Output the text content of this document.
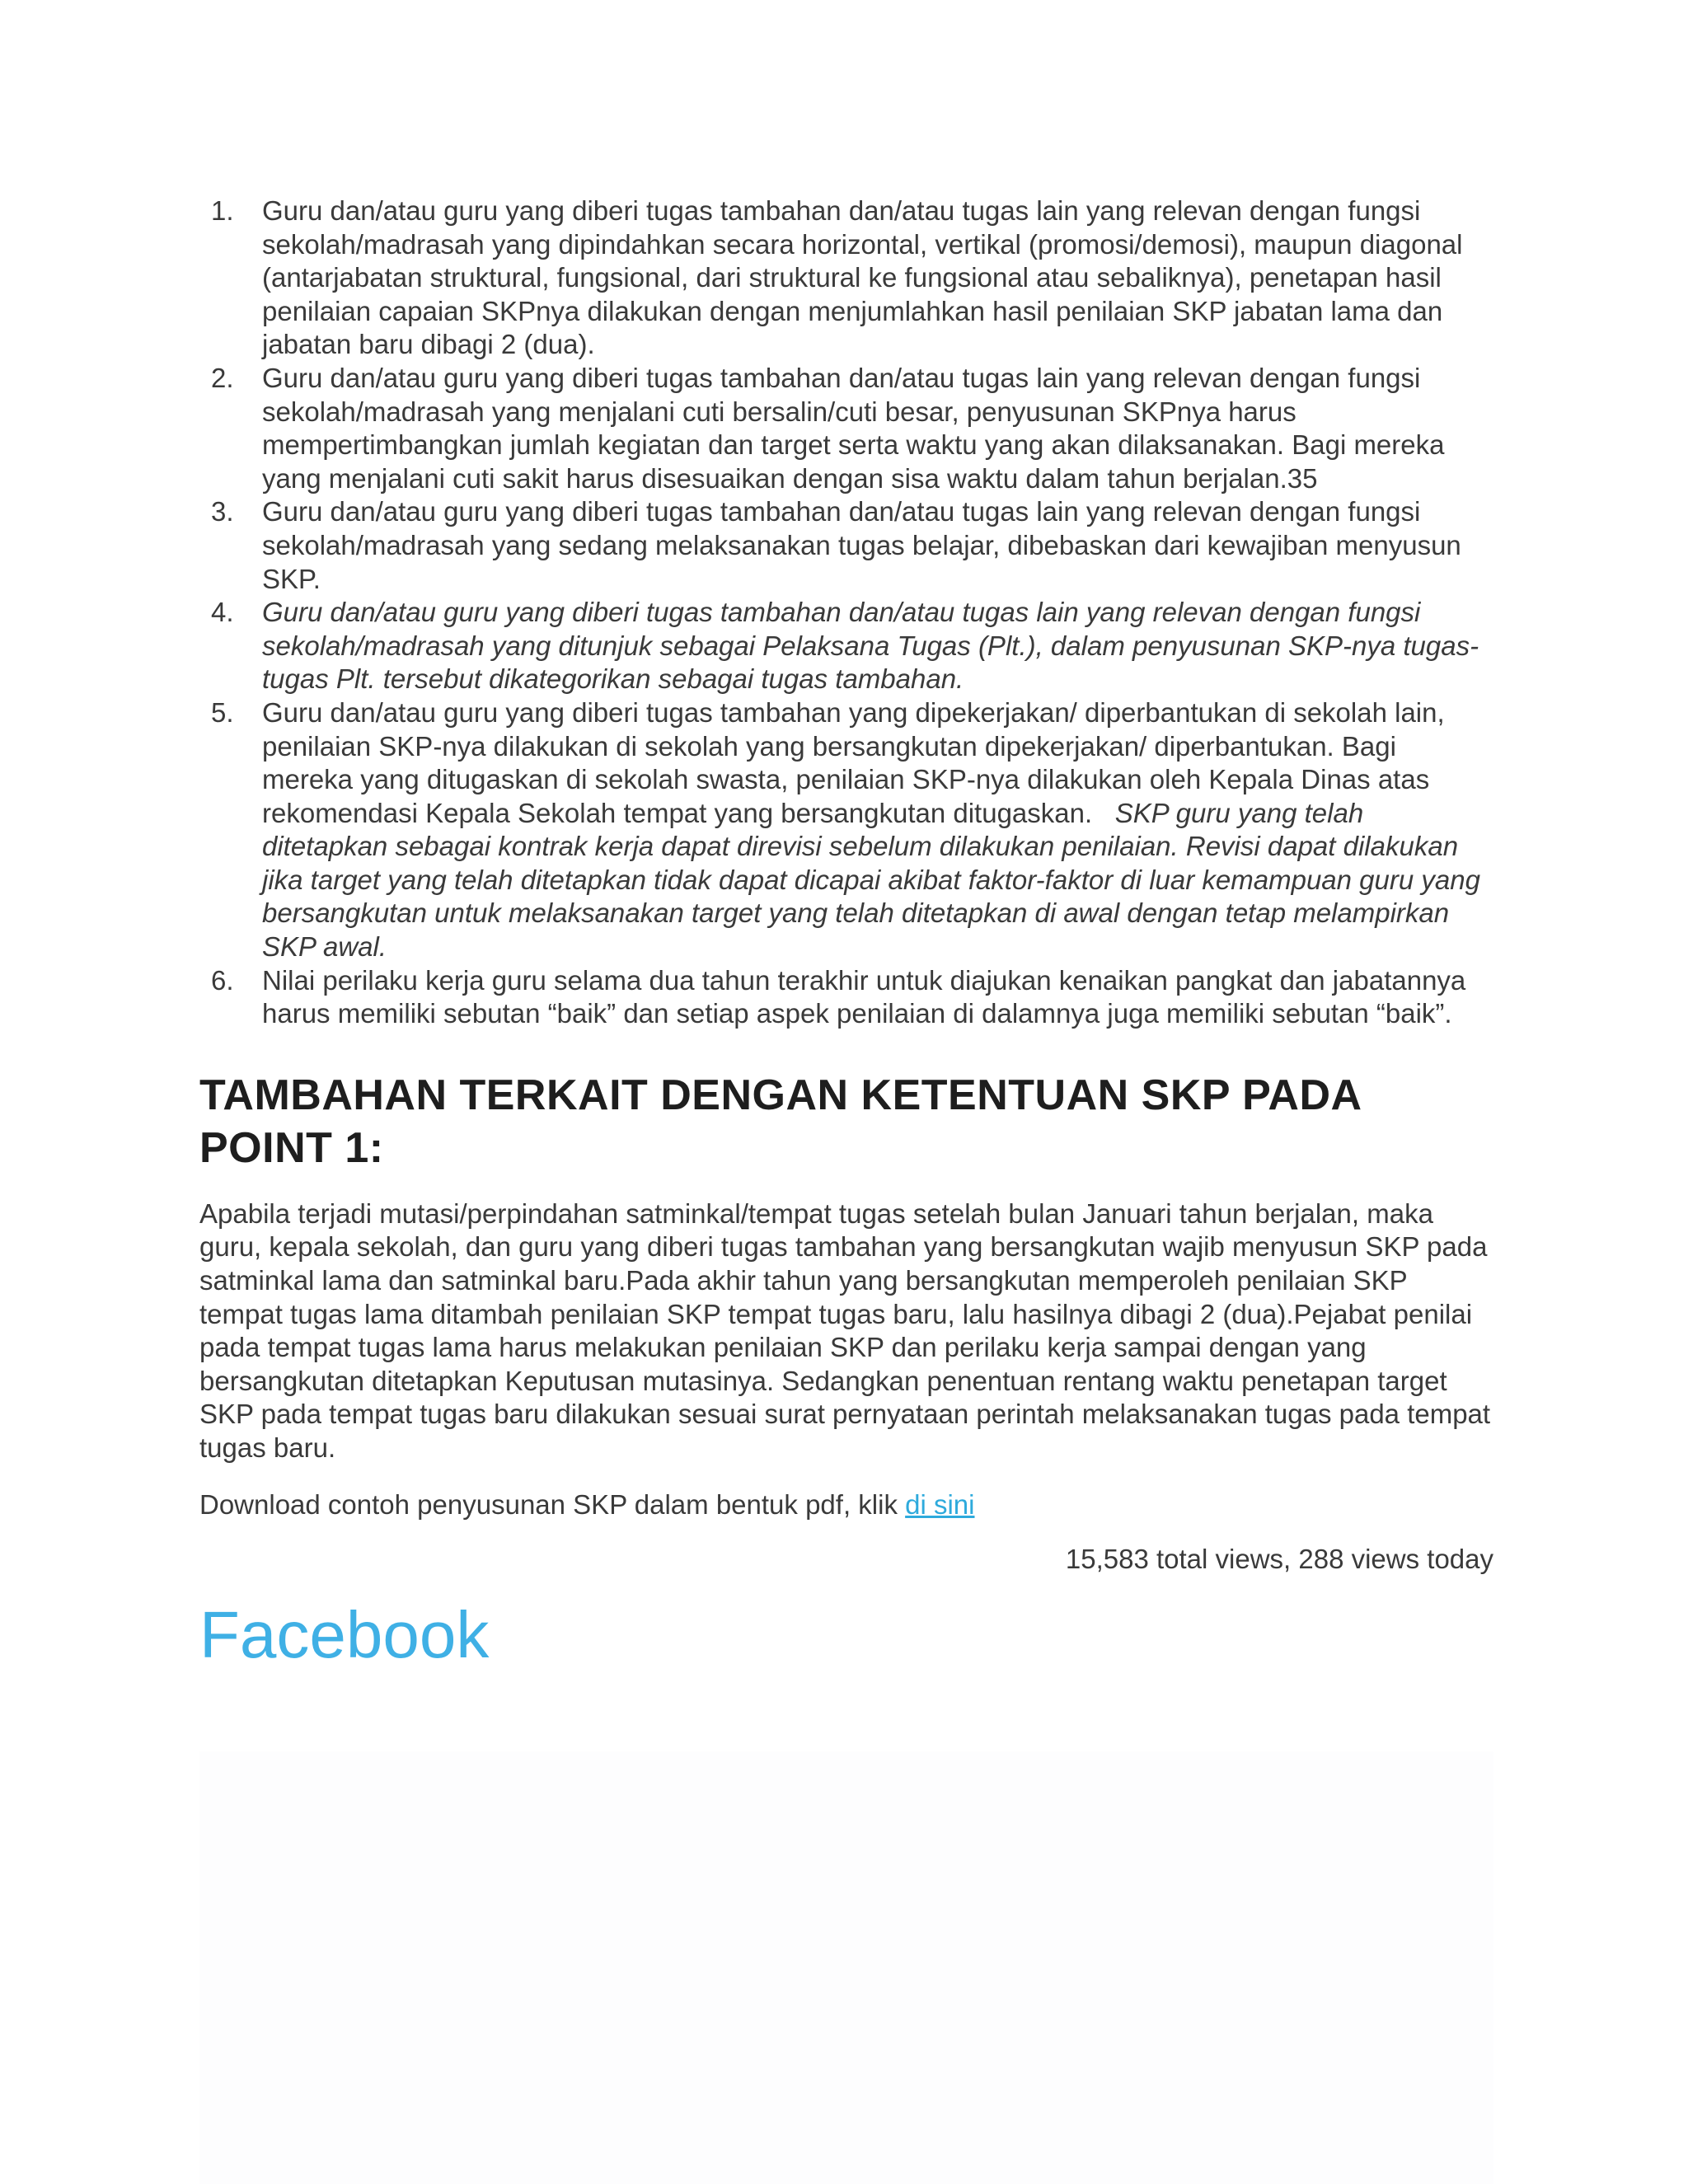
1. Guru dan/atau guru yang diberi tugas tambahan dan/atau tugas lain yang relevan dengan fungsi sekolah/madrasah yang dipindahkan secara horizontal, vertikal (promosi/demosi), maupun diagonal (antarjabatan struktural, fungsional, dari struktural ke fungsional atau sebaliknya), penetapan hasil penilaian capaian SKPnya dilakukan dengan menjumlahkan hasil penilaian SKP jabatan lama dan jabatan baru dibagi 2 (dua).
2. Guru dan/atau guru yang diberi tugas tambahan dan/atau tugas lain yang relevan dengan fungsi sekolah/madrasah yang menjalani cuti bersalin/cuti besar, penyusunan SKPnya harus mempertimbangkan jumlah kegiatan dan target serta waktu yang akan dilaksanakan. Bagi mereka yang menjalani cuti sakit harus disesuaikan dengan sisa waktu dalam tahun berjalan.35
3. Guru dan/atau guru yang diberi tugas tambahan dan/atau tugas lain yang relevan dengan fungsi sekolah/madrasah yang sedang melaksanakan tugas belajar, dibebaskan dari kewajiban menyusun SKP.
4. Guru dan/atau guru yang diberi tugas tambahan dan/atau tugas lain yang relevan dengan fungsi sekolah/madrasah yang ditunjuk sebagai Pelaksana Tugas (Plt.), dalam penyusunan SKP-nya tugas-tugas Plt. tersebut dikategorikan sebagai tugas tambahan.
5. Guru dan/atau guru yang diberi tugas tambahan yang dipekerjakan/ diperbantukan di sekolah lain, penilaian SKP-nya dilakukan di sekolah yang bersangkutan dipekerjakan/ diperbantukan. Bagi mereka yang ditugaskan di sekolah swasta, penilaian SKP-nya dilakukan oleh Kepala Dinas atas rekomendasi Kepala Sekolah tempat yang bersangkutan ditugaskan. SKP guru yang telah ditetapkan sebagai kontrak kerja dapat direvisi sebelum dilakukan penilaian. Revisi dapat dilakukan jika target yang telah ditetapkan tidak dapat dicapai akibat faktor-faktor di luar kemampuan guru yang bersangkutan untuk melaksanakan target yang telah ditetapkan di awal dengan tetap melampirkan SKP awal.
6. Nilai perilaku kerja guru selama dua tahun terakhir untuk diajukan kenaikan pangkat dan jabatannya harus memiliki sebutan “baik” dan setiap aspek penilaian di dalamnya juga memiliki sebutan “baik”.
TAMBAHAN TERKAIT DENGAN KETENTUAN SKP PADA POINT 1:

Apabila terjadi mutasi/perpindahan satminkal/tempat tugas setelah bulan Januari tahun berjalan, maka guru, kepala sekolah, dan guru yang diberi tugas tambahan yang bersangkutan wajib menyusun SKP pada satminkal lama dan satminkal baru.Pada akhir tahun yang bersangkutan memperoleh penilaian SKP tempat tugas lama ditambah penilaian SKP tempat tugas baru, lalu hasilnya dibagi 2 (dua).Pejabat penilai pada tempat tugas lama harus melakukan penilaian SKP dan perilaku kerja sampai dengan yang bersangkutan ditetapkan Keputusan mutasinya. Sedangkan penentuan rentang waktu penetapan target SKP pada tempat tugas baru dilakukan sesuai surat pernyataan perintah melaksanakan tugas pada tempat tugas baru.

Download contoh penyusunan SKP dalam bentuk pdf, klik di sini

15,583 total views, 288 views today
Facebook
